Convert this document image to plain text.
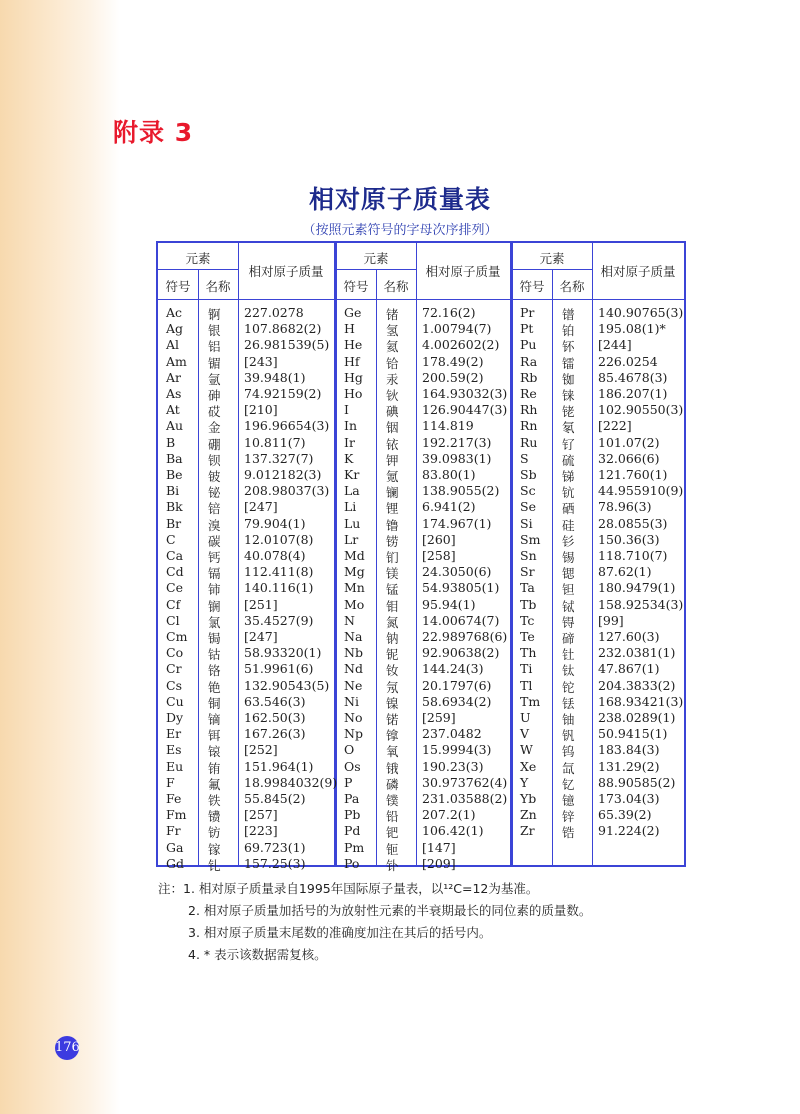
附录 3
相对原子质量表
（按照元素符号的字母次序排列）
元素
符号	名称
相对原子质量
元素
符号	名称
相对原子质量
元素
符号	名称
相对原子质量
Ac 锕 227.0278
Ag 银 107.8682(2)
Al 铝 26.981539(5)
Am 镅 [243]
Ar 氩 39.948(1)
As 砷 74.92159(2)
At 砹 [210]
Au 金 196.96654(3)
B	硼 10.811(7)
Ba 钡 137.327(7)
Be 铍 9.012182(3)
Bi 铋 208.98037(3)
Bk 锫 [247]
Br 溴 79.904(1)
C	碳 12.0107(8)
Ca 钙 40.078(4)
Cd 镉 112.411(8)
Ce 铈 140.116(1)
Cf 锎 [251]
Cl 氯 35.4527(9)
Cm 锔 [247]
Co 钴 58.93320(1)
Cr 铬 51.9961(6)
Cs 铯 132.90543(5)
Cu 铜 63.546(3)
Dy 镝 162.50(3)
Er 铒 167.26(3)
Es 锿 [252]
Eu 铕 151.964(1)
F	氟 18.9984032(9)
Fe 铁 55.845(2)
Fm 镄 [257]
Fr 钫 [223]
Ga 镓 69.723(1)
Gd 钆 157.25(3)
Ge 锗 72.16(2)
H 氢 1.00794(7)
He 氦 4.002602(2)
Hf 铪 178.49(2)
Hg 汞 200.59(2)
Ho 钬 164.93032(3)
I	碘 126.90447(3)
In 铟 114.819
Ir 铱 192.217(3)
K	钾 39.0983(1)
Kr 氪 83.80(1)
La 镧 138.9055(2)
Li 锂 6.941(2)
Lu 镥 174.967(1)
Lr 铹 [260]
Md 钔 [258]
Mg 镁 24.3050(6)
Mn 锰 54.93805(1)
Mo 钼 95.94(1)
N 氮 14.00674(7)
Na 钠 22.989768(6)
Nb 铌 92.90638(2)
Nd 钕 144.24(3)
Ne 氖 20.1797(6)
Ni 镍 58.6934(2)
No 锘 [259]
Np 镎 237.0482
O	氧 15.9994(3)
Os 锇 190.23(3)
P	磷 30.973762(4)
Pa 镤 231.03588(2)
Pb 铅 207.2(1)
Pd 钯 106.42(1)
Pm 钷 [147]
Po 钋 [209]
Pr 镨 140.90765(3)
Pt 铂 195.08(1)*
Pu 钚 [244]
Ra 镭 226.0254
Rb 铷 85.4678(3)
Re 铼 186.207(1)
Rh 铑 102.90550(3)
Rn 氡 [222]
Ru 钌 101.07(2)
S	硫 32.066(6)
Sb 锑 121.760(1)
Sc 钪 44.955910(9)
Se 硒 78.96(3)
Si 硅 28.0855(3)
Sm 钐 150.36(3)
Sn 锡 118.710(7)
Sr 锶 87.62(1)
Ta 钽 180.9479(1)
Tb 铽 158.92534(3)
Tc 锝 [99]
Te 碲 127.60(3)
Th 钍 232.0381(1)
Ti 钛 47.867(1)
Tl 铊 204.3833(2)
Tm 铥 168.93421(3)
U	铀 238.0289(1)
V	钒 50.9415(1)
W 钨 183.84(3)
Xe 氙 131.29(2)
Y	钇 88.90585(2)
Yb 镱 173.04(3)
Zn 锌 65.39(2)
Zr 锆 91.224(2)
注：1. 相对原子质量录自1995年国际原子量表，以¹²C=12为基准。
2. 相对原子质量加括号的为放射性元素的半衰期最长的同位素的质量数。
3. 相对原子质量末尾数的准确度加注在其后的括号内。
4. * 表示该数据需复核。
176
